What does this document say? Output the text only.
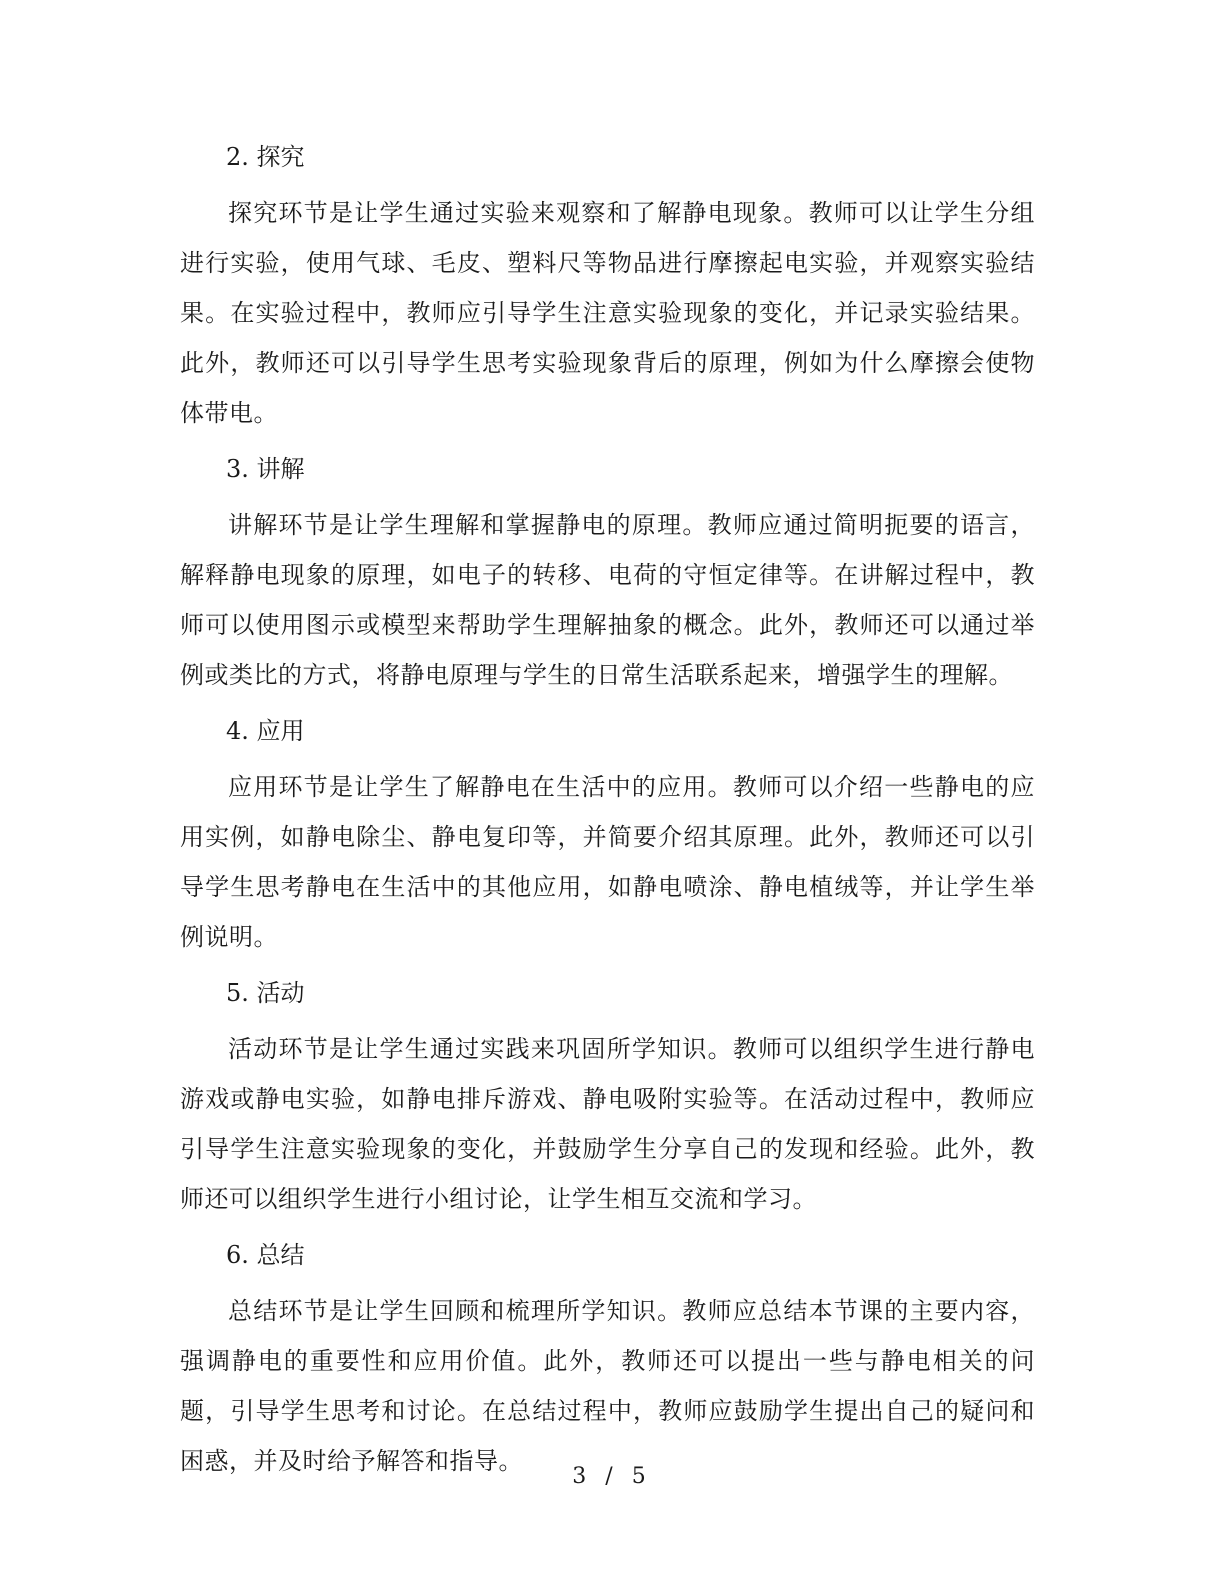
2. 探究

探究环节是让学生通过实验来观察和了解静电现象。教师可以让学生分组进行实验，使用气球、毛皮、塑料尺等物品进行摩擦起电实验，并观察实验结果。在实验过程中，教师应引导学生注意实验现象的变化，并记录实验结果。此外，教师还可以引导学生思考实验现象背后的原理，例如为什么摩擦会使物体带电。

3. 讲解

讲解环节是让学生理解和掌握静电的原理。教师应通过简明扼要的语言，解释静电现象的原理，如电子的转移、电荷的守恒定律等。在讲解过程中，教师可以使用图示或模型来帮助学生理解抽象的概念。此外，教师还可以通过举例或类比的方式，将静电原理与学生的日常生活联系起来，增强学生的理解。

4. 应用

应用环节是让学生了解静电在生活中的应用。教师可以介绍一些静电的应用实例，如静电除尘、静电复印等，并简要介绍其原理。此外，教师还可以引导学生思考静电在生活中的其他应用，如静电喷涂、静电植绒等，并让学生举例说明。

5. 活动

活动环节是让学生通过实践来巩固所学知识。教师可以组织学生进行静电游戏或静电实验，如静电排斥游戏、静电吸附实验等。在活动过程中，教师应引导学生注意实验现象的变化，并鼓励学生分享自己的发现和经验。此外，教师还可以组织学生进行小组讨论，让学生相互交流和学习。

6. 总结

总结环节是让学生回顾和梳理所学知识。教师应总结本节课的主要内容，强调静电的重要性和应用价值。此外，教师还可以提出一些与静电相关的问题，引导学生思考和讨论。在总结过程中，教师应鼓励学生提出自己的疑问和困惑，并及时给予解答和指导。

3 / 5
